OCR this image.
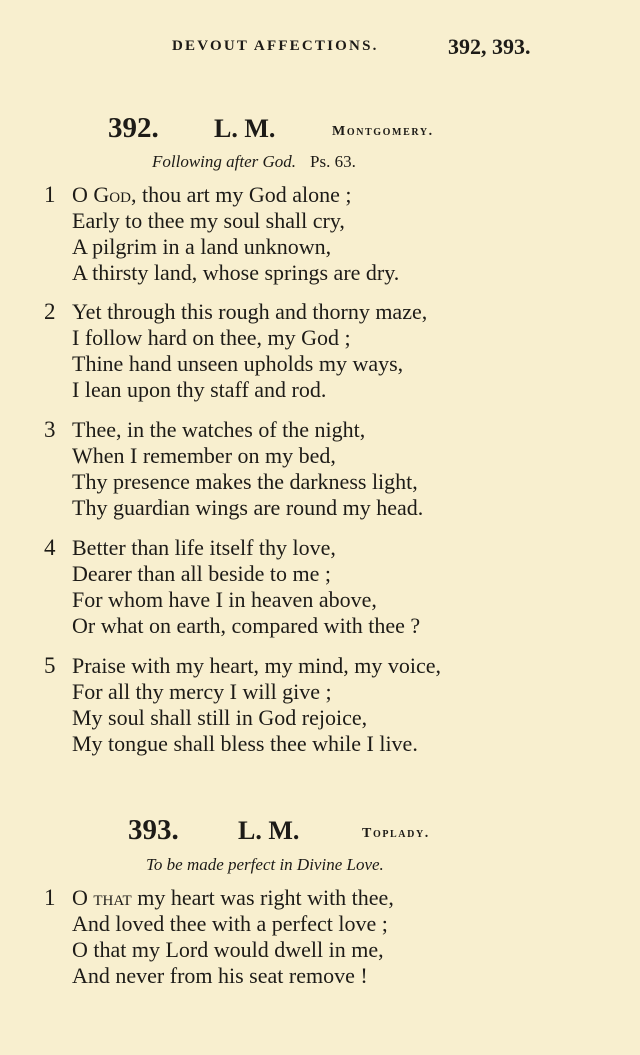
DEVOUT AFFECTIONS.	392, 393.
392. L. M.	Montgomery.
Following after God. Ps. 63.
1 O God, thou art my God alone ;
Early to thee my soul shall cry,
A pilgrim in a land unknown,
A thirsty land, whose springs are dry.
2 Yet through this rough and thorny maze,
I follow hard on thee, my God ;
Thine hand unseen upholds my ways,
I lean upon thy staff and rod.
3 Thee, in the watches of the night,
When I remember on my bed,
Thy presence makes the darkness light,
Thy guardian wings are round my head.
4 Better than life itself thy love,
Dearer than all beside to me ;
For whom have I in heaven above,
Or what on earth, compared with thee ?
5 Praise with my heart, my mind, my voice,
For all thy mercy I will give ;
My soul shall still in God rejoice,
My tongue shall bless thee while I live.
393. L. M.	Toplady.
To be made perfect in Divine Love.
1 O that my heart was right with thee,
And loved thee with a perfect love ;
O that my Lord would dwell in me,
And never from his seat remove !
